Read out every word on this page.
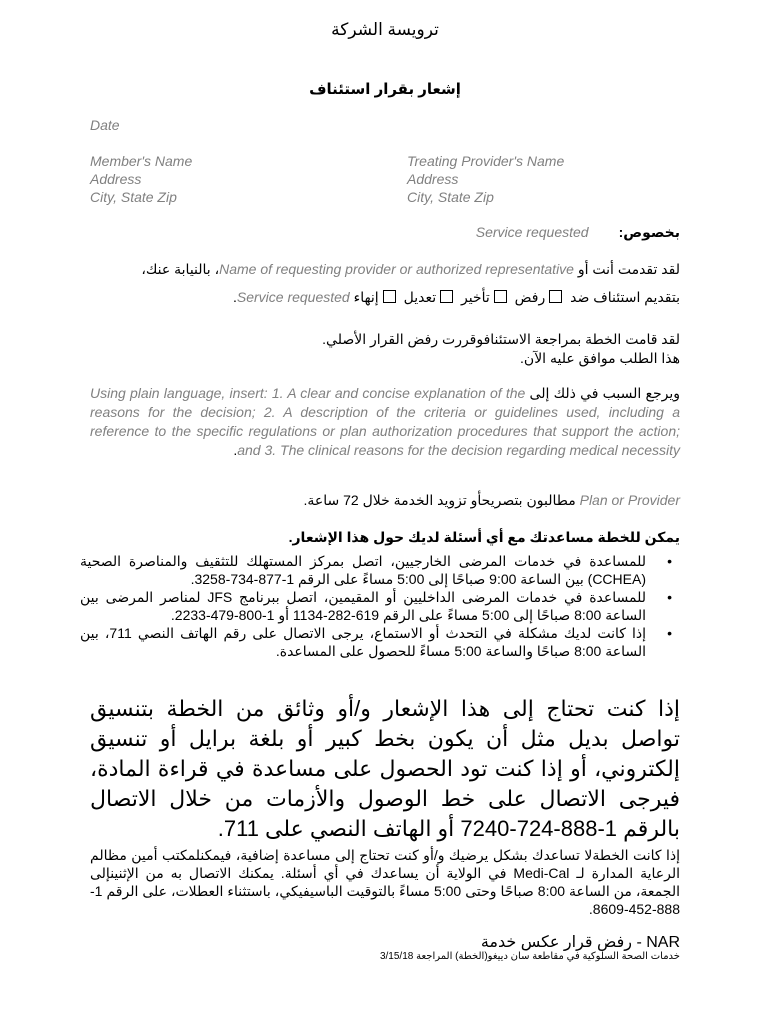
ترويسة الشركة
إشعار بقرار استئناف
Date
Member's Name
Address
City, State Zip
Treating Provider's Name
Address
City, State Zip
بخصوص:Service requested
لقد تقدمت أنت أو Name of requesting provider or authorized representative، بالنيابة عنك،
بتقديم استئناف ضد رفض تأخير تعديل إنهاء Service requested.
لقد قامت الخطة بمراجعة الاستئنافوقررت رفض القرار الأصلي.
هذا الطلب موافق عليه الآن.
ويرجع السبب في ذلك إلى Using plain language, insert: 1. A clear and concise explanation of the reasons for the decision; 2. A description of the criteria or guidelines used, including a reference to the specific regulations or plan authorization procedures that support the action; and 3. The clinical reasons for the decision regarding medical necessity.
Plan or Provider مطالبون بتصريحأو تزويد الخدمة خلال 72 ساعة.
يمكن للخطة مساعدتك مع أي أسئلة لديك حول هذا الإشعار.
•
للمساعدة في خدمات المرضى الخارجيين، اتصل بمركز المستهلك للتثقيف والمناصرة الصحية (CCHEA) بين الساعة 9:00 صباحًا إلى 5:00 مساءً على الرقم 1-877-734-3258.
•
للمساعدة في خدمات المرضى الداخليين أو المقيمين، اتصل ببرنامج JFS لمناصر المرضى بين الساعة 8:00 صباحًا إلى 5:00 مساءً على الرقم 619-282-1134 أو 1-800-479-2233.
•
إذا كانت لديك مشكلة في التحدث أو الاستماع، يرجى الاتصال على رقم الهاتف النصي 711، بين الساعة 8:00 صباحًا والساعة 5:00 مساءً للحصول على المساعدة.
إذا كنت تحتاج إلى هذا الإشعار و/أو وثائق من الخطة بتنسيق تواصل بديل مثل أن يكون بخط كبير أو بلغة برايل أو تنسيق إلكتروني، أو إذا كنت تود الحصول على مساعدة في قراءة المادة، فيرجى الاتصال على خط الوصول والأزمات من خلال الاتصال بالرقم 1-888-724-7240 أو الهاتف النصي على 711.
إذا كانت الخطةلا تساعدك بشكل يرضيك و/أو كنت تحتاج إلى مساعدة إضافية، فيمكنلمكتب أمين مظالم الرعاية المدارة لـ Medi-Cal في الولاية أن يساعدك في أي أسئلة. يمكنك الاتصال به من الإثنينإلى الجمعة، من الساعة 8:00 صباحًا وحتى 5:00 مساءً بالتوقيت الباسيفيكي، باستثناء العطلات، على الرقم 1-888-452-8609.
NAR - رفض قرار عكس خدمة
خدمات الصحة السلوكية في مقاطعة سان دييغو(الخطة) المراجعة 3/15/18
